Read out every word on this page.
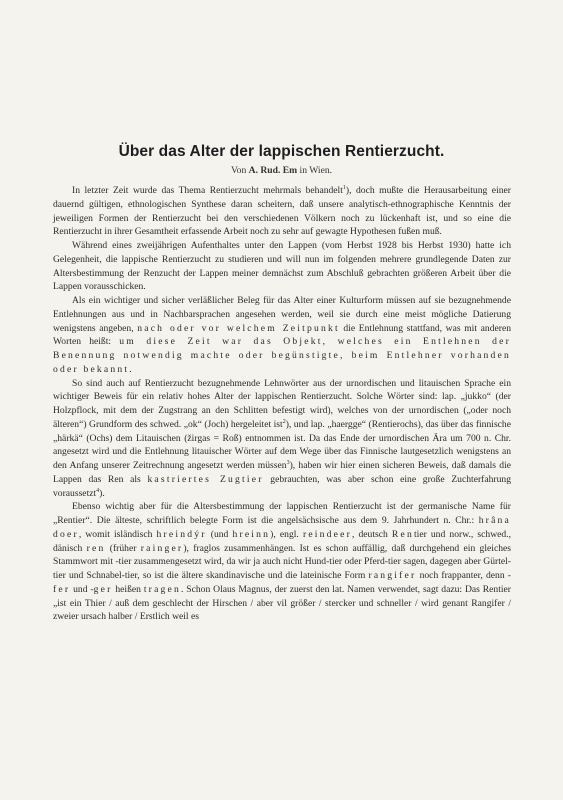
Über das Alter der lappischen Rentierzucht.
Von A. Rud. Em in Wien.

In letzter Zeit wurde das Thema Rentierzucht mehrmals behandelt$^1$), doch mußte die Herausarbeitung einer dauernd gültigen, ethnologischen Synthese daran scheitern, daß unsere analytisch-ethnographische Kenntnis der jeweiligen Formen der Rentierzucht bei den verschiedenen Völkern noch zu lückenhaft ist, und so eine die Rentierzucht in ihrer Gesamtheit erfassende Arbeit noch zu sehr auf gewagte Hypothesen fußen muß.

Während eines zweijährigen Aufenthaltes unter den Lappen (vom Herbst 1928 bis Herbst 1930) hatte ich Gelegenheit, die lappische Rentierzucht zu studieren und will nun im folgenden mehrere grundlegende Daten zur Altersbestimmung der Renzucht der Lappen meiner demnächst zum Abschluß gebrachten größeren Arbeit über die Lappen vorausschicken.

Als ein wichtiger und sicher verläßlicher Beleg für das Alter einer Kulturform müssen auf sie bezugnehmende Entlehnungen aus und in Nachbarsprachen angesehen werden, weil sie durch eine meist mögliche Datierung wenigstens angeben, nach oder vor welchem Zeitpunkt die Entlehnung stattfand, was mit anderen Worten heißt: um diese Zeit war das Objekt, welches ein Entlehnen der Benennung notwendig machte oder begünstigte, beim Entlehner vorhanden oder bekannt.

So sind auch auf Rentierzucht bezugnehmende Lehnwörter aus der urnordischen und litauischen Sprache ein wichtiger Beweis für ein relativ hohes Alter der lappischen Rentierzucht. Solche Wörter sind: lap. „jukko“ (der Holzpflock, mit dem der Zugstrang an den Schlitten befestigt wird), welches von der urnordischen („oder noch älteren“) Grundform des schwed. „ok“ (Joch) hergeleitet ist$^2$), und lap. „haergge“ (Rentierochs), das über das finnische „härkä“ (Ochs) dem Litauischen (žirgas = Roß) entnommen ist. Da das Ende der urnordischen Ära um 700 n. Chr. angesetzt wird und die Entlehnung litauischer Wörter auf dem Wege über das Finnische lautgesetzlich wenigstens an den Anfang unserer Zeitrechnung angesetzt werden müssen$^3$), haben wir hier einen sicheren Beweis, daß damals die Lappen das Ren als kastriertes Zugtier gebrauchten, was aber schon eine große Zuchterfahrung voraussetzt$^4$).

Ebenso wichtig aber für die Altersbestimmung der lappischen Rentierzucht ist der germanische Name für „Rentier“. Die älteste, schriftlich belegte Form ist die angelsächsische aus dem 9. Jahrhundert n. Chr.: hrâna doer, womit isländisch hreindýr (und hreinn), engl. reindeer, deutsch Rentier und norw., schwed., dänisch ren (früher rainger), fraglos zusammenhängen. Ist es schon auffällig, daß durchgehend ein gleiches Stammwort mit -tier zusammengesetzt wird, da wir ja auch nicht Hund-tier oder Pferd-tier sagen, dagegen aber Gürtel-tier und Schnabel-tier, so ist die ältere skandinavische und die lateinische Form rangifer noch frappanter, denn -fer und -ger heißen tragen. Schon Olaus Magnus, der zuerst den lat. Namen verwendet, sagt dazu: Das Rentier „ist ein Thier / auß dem geschlecht der Hirschen / aber vil größer / stercker und schneller / wird genant Rangifer / zweier ursach halber / Erstlich weil es
